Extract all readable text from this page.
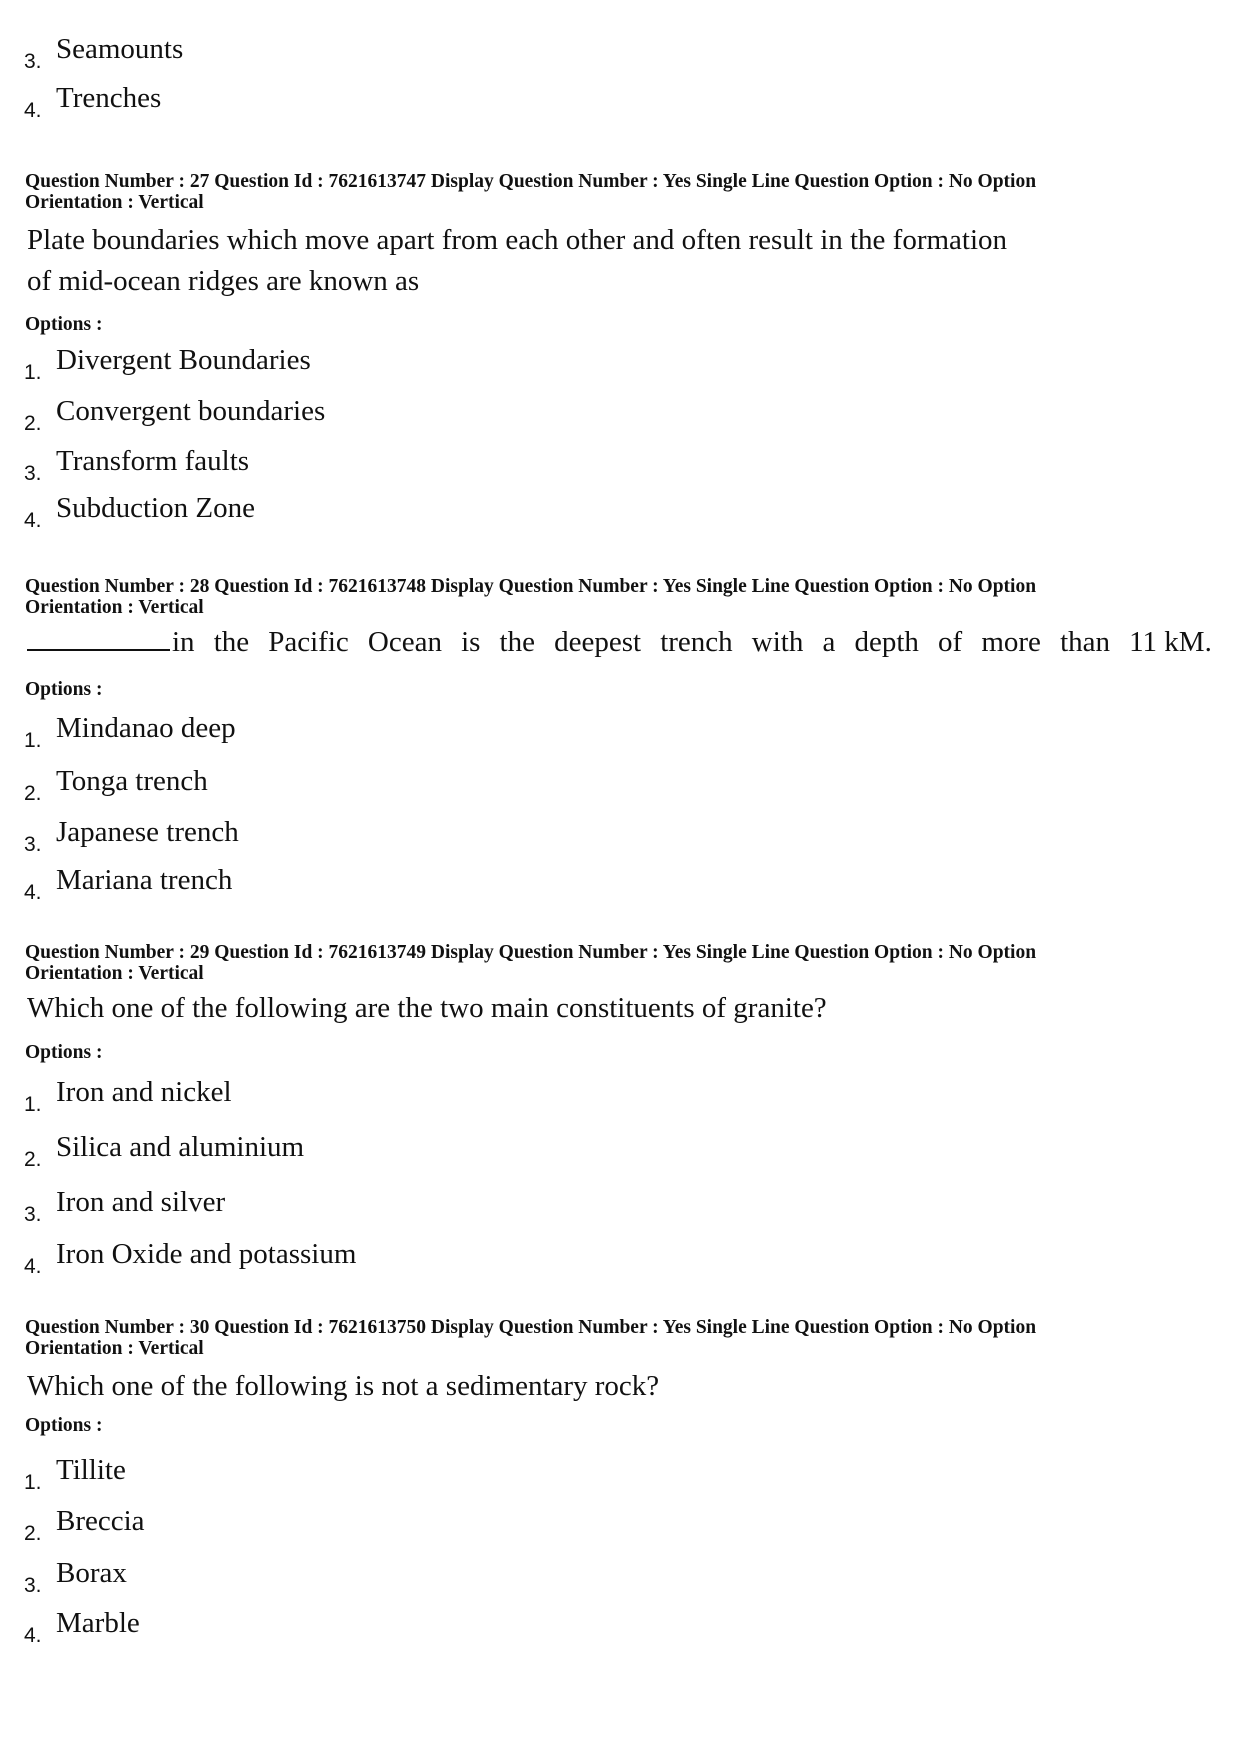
3. Seamounts
4. Trenches
Question Number : 27 Question Id : 7621613747 Display Question Number : Yes Single Line Question Option : No Option
Orientation : Vertical
Plate boundaries which move apart from each other and often result in the formation
of mid-ocean ridges are known as
Options :
1. Divergent Boundaries
2. Convergent boundaries
3. Transform faults
4. Subduction Zone
Question Number : 28 Question Id : 7621613748 Display Question Number : Yes Single Line Question Option : No Option
Orientation : Vertical
in the Pacific Ocean is the deepest trench with a depth of more than 11 kM.
Options :
1. Mindanao deep
2. Tonga trench
3. Japanese trench
4. Mariana trench
Question Number : 29 Question Id : 7621613749 Display Question Number : Yes Single Line Question Option : No Option
Orientation : Vertical
Which one of the following are the two main constituents of granite?
Options :
1. Iron and nickel
2. Silica and aluminium
3. Iron and silver
4. Iron Oxide and potassium
Question Number : 30 Question Id : 7621613750 Display Question Number : Yes Single Line Question Option : No Option
Orientation : Vertical
Which one of the following is not a sedimentary rock?
Options :
1. Tillite
2. Breccia
3. Borax
4. Marble
